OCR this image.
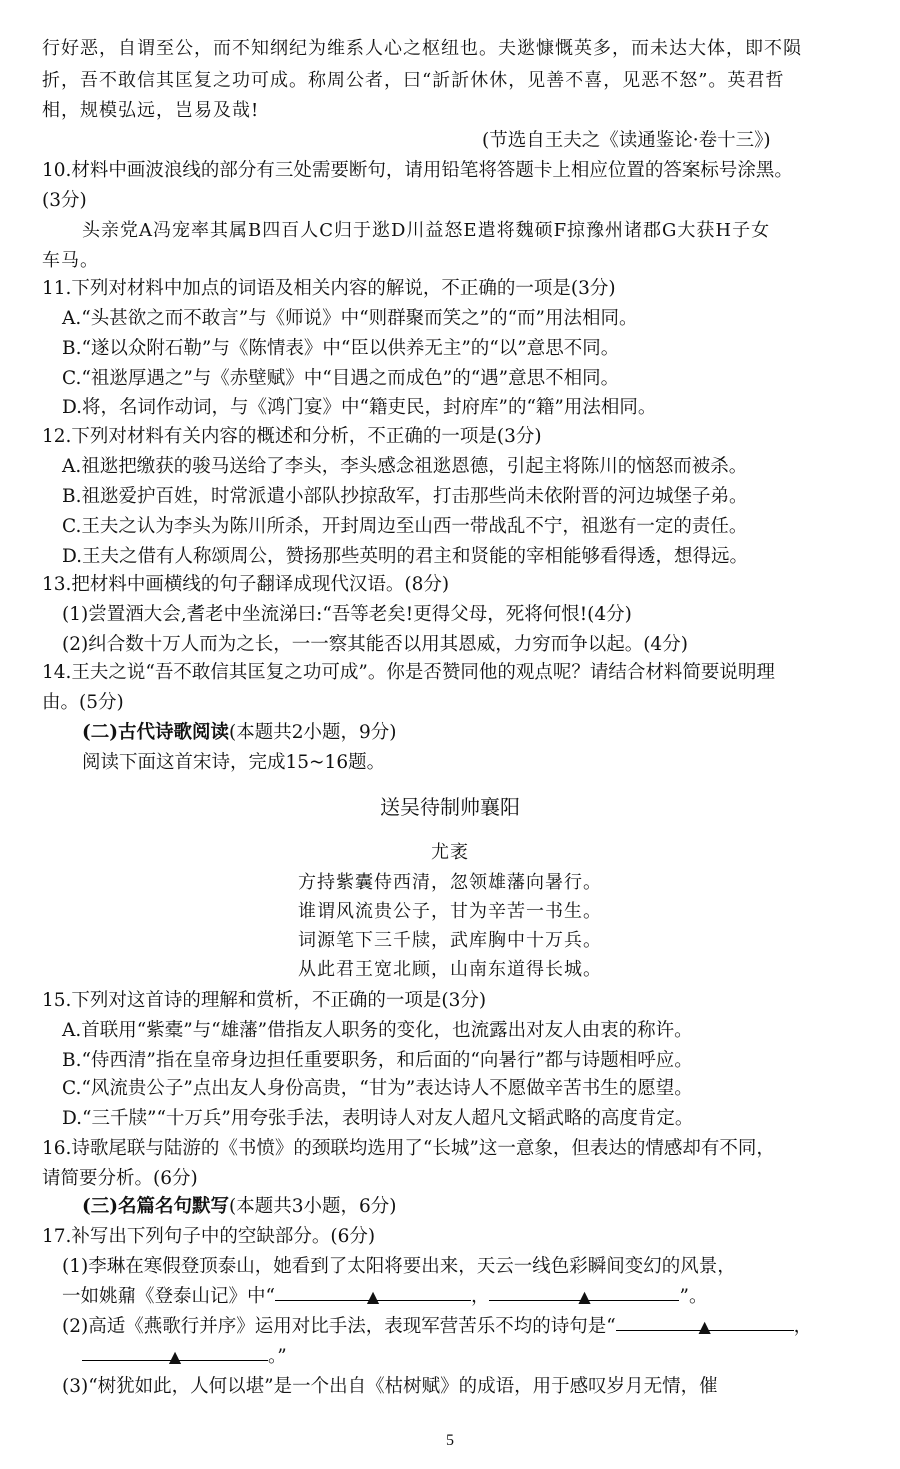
行好恶，自谓至公，而不知纲纪为维系人心之枢纽也。夫逖慷慨英多，而未达大体，即不陨
折，吾不敢信其匡复之功可成。称周公者，曰“訢訢休休，见善不喜，见恶不怒”。英君哲
相，规模弘远，岂易及哉!
(节选自王夫之《读通鉴论·卷十三》)
10.材料中画波浪线的部分有三处需要断句，请用铅笔将答题卡上相应位置的答案标号涂黑。
(3分)
头亲党A冯宠率其属B四百人C归于逖D川益怒E遣将魏硕F掠豫州诸郡G大获H子女
车马。
11.下列对材料中加点的词语及相关内容的解说，不正确的一项是(3分)
A.“头甚欲之而不敢言”与《师说》中“则群聚而笑之”的“而”用法相同。
B.“遂以众附石勒”与《陈情表》中“臣以供养无主”的“以”意思不同。
C.“祖逖厚遇之”与《赤壁赋》中“目遇之而成色”的“遇”意思不相同。
D.将，名词作动词，与《鸿门宴》中“籍吏民，封府库”的“籍”用法相同。
12.下列对材料有关内容的概述和分析，不正确的一项是(3分)
A.祖逖把缴获的骏马送给了李头，李头感念祖逖恩德，引起主将陈川的恼怒而被杀。
B.祖逖爱护百姓，时常派遣小部队抄掠敌军，打击那些尚未依附晋的河边城堡子弟。
C.王夫之认为李头为陈川所杀，开封周边至山西一带战乱不宁，祖逖有一定的责任。
D.王夫之借有人称颂周公，赞扬那些英明的君主和贤能的宰相能够看得透，想得远。
13.把材料中画横线的句子翻译成现代汉语。(8分)
(1)尝置酒大会,耆老中坐流涕曰:“吾等老矣!更得父母，死将何恨!(4分)
(2)纠合数十万人而为之长，一一察其能否以用其恩威，力穷而争以起。(4分)
14.王夫之说“吾不敢信其匡复之功可成”。你是否赞同他的观点呢？请结合材料简要说明理
由。(5分)
(二)古代诗歌阅读(本题共2小题，9分)
阅读下面这首宋诗，完成15~16题。
送吴待制帅襄阳
尤袤
方持紫囊侍西清，忽领雄藩向暑行。
谁谓风流贵公子，甘为辛苦一书生。
词源笔下三千牍，武库胸中十万兵。
从此君王宽北顾，山南东道得长城。
15.下列对这首诗的理解和赏析，不正确的一项是(3分)
A.首联用“紫橐”与“雄藩”借指友人职务的变化，也流露出对友人由衷的称许。
B.“侍西清”指在皇帝身边担任重要职务，和后面的“向暑行”都与诗题相呼应。
C.“风流贵公子”点出友人身份高贵，“甘为”表达诗人不愿做辛苦书生的愿望。
D.“三千牍”“十万兵”用夸张手法，表明诗人对友人超凡文韬武略的高度肯定。
16.诗歌尾联与陆游的《书愤》的颈联均选用了“长城”这一意象，但表达的情感却有不同，
请简要分析。(6分)
(三)名篇名句默写(本题共3小题，6分)
17.补写出下列句子中的空缺部分。(6分)
(1)李琳在寒假登顶泰山，她看到了太阳将要出来，天云一线色彩瞬间变幻的风景，
一如姚鼐《登泰山记》中“	▲	，	▲	”。
(2)高适《燕歌行并序》运用对比手法，表现军营苦乐不均的诗句是“	▲	，
▲	。”
(3)“树犹如此，人何以堪”是一个出自《枯树赋》的成语，用于感叹岁月无情，催
5
